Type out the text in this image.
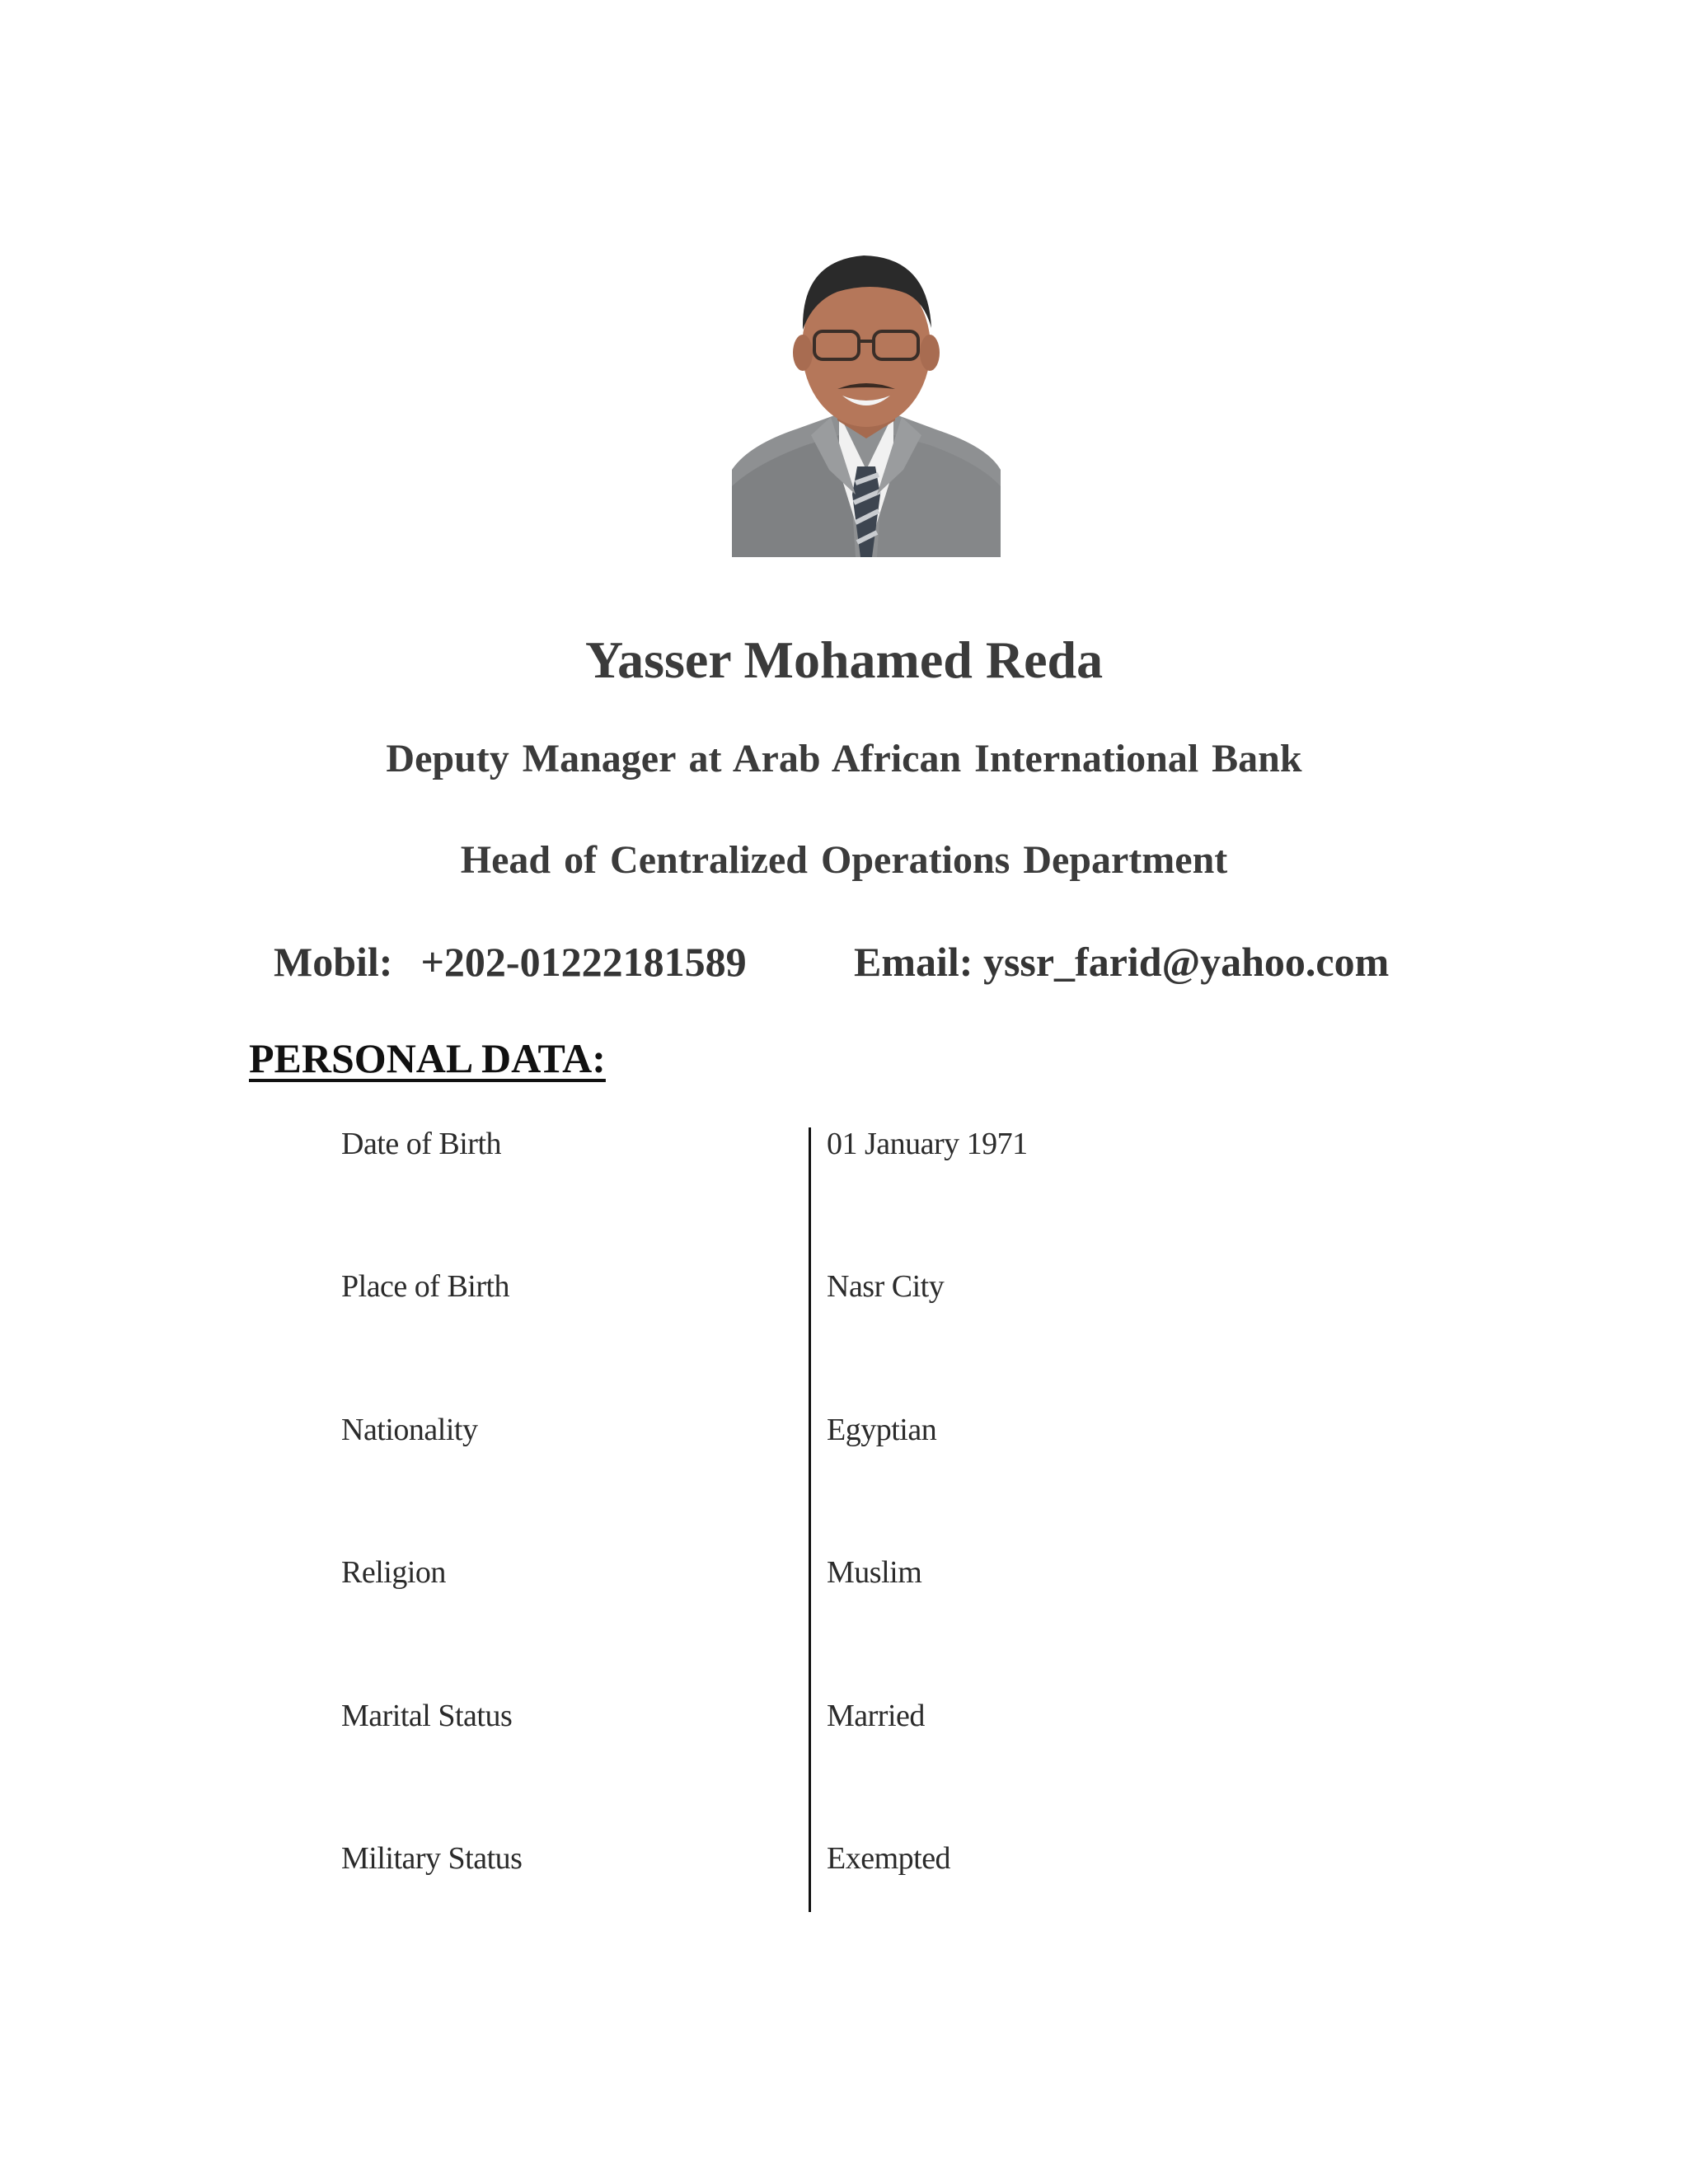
Yasser Mohamed Reda
Deputy Manager at Arab African International Bank
Head of Centralized Operations Department
Mobil: +202-01222181589	Email: yssr_farid@yahoo.com
PERSONAL DATA:
Date of Birth	01 January 1971
Place of Birth	Nasr City
Nationality	Egyptian
Religion	Muslim
Marital Status	Married
Military Status	Exempted
